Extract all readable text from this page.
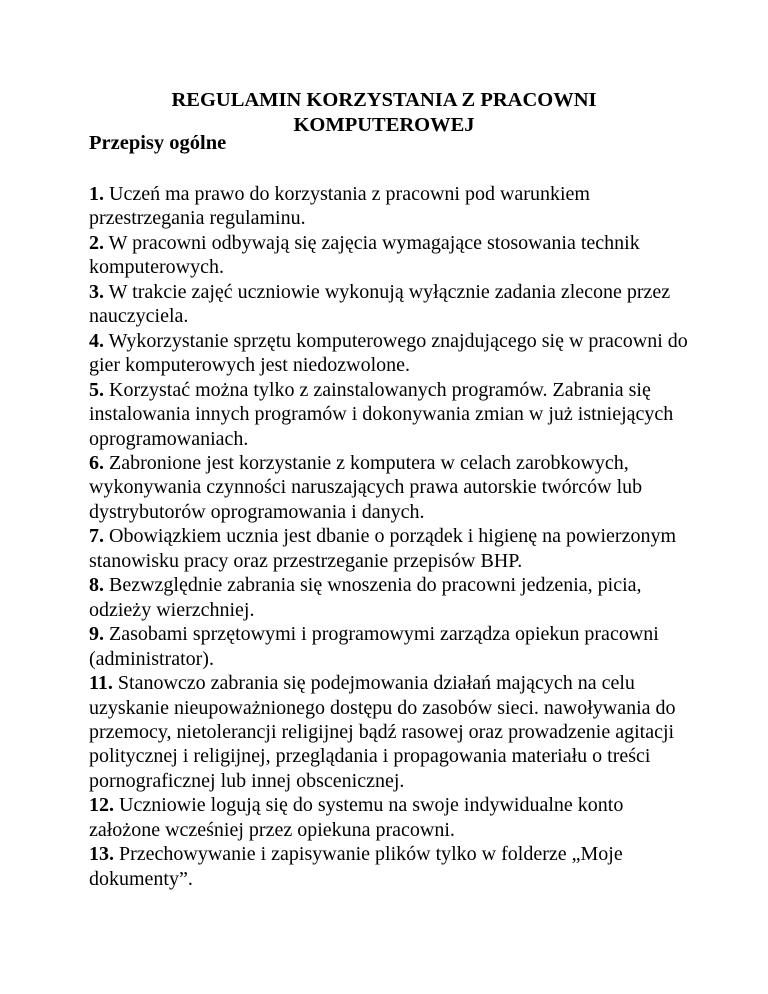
REGULAMIN KORZYSTANIA Z PRACOWNI
KOMPUTEROWEJ
Przepisy ogólne
1. Uczeń ma prawo do korzystania z pracowni pod warunkiem przestrzegania regulaminu.
2. W pracowni odbywają się zajęcia wymagające stosowania technik komputerowych.
3. W trakcie zajęć uczniowie wykonują wyłącznie zadania zlecone przez nauczyciela.
4. Wykorzystanie sprzętu komputerowego znajdującego się w pracowni do gier komputerowych jest niedozwolone.
5. Korzystać można tylko z zainstalowanych programów. Zabrania się instalowania innych programów i dokonywania zmian w już istniejących oprogramowaniach.
6. Zabronione jest korzystanie z komputera w celach zarobkowych, wykonywania czynności naruszających prawa autorskie twórców lub dystrybutorów oprogramowania i danych.
7. Obowiązkiem ucznia jest dbanie o porządek i higienę na powierzonym stanowisku pracy oraz przestrzeganie przepisów BHP.
8. Bezwzględnie zabrania się wnoszenia do pracowni jedzenia, picia, odzieży wierzchniej.
9. Zasobami sprzętowymi i programowymi zarządza opiekun pracowni (administrator).
11. Stanowczo zabrania się podejmowania działań mających na celu uzyskanie nieupoważnionego dostępu do zasobów sieci. nawoływania do przemocy, nietolerancji religijnej bądź rasowej oraz prowadzenie agitacji politycznej i religijnej, przeglądania i propagowania materiału o treści pornograficznej lub innej obscenicznej.
12. Uczniowie logują się do systemu na swoje indywidualne konto założone wcześniej przez opiekuna pracowni.
13. Przechowywanie i zapisywanie plików tylko w folderze „Moje dokumenty”.
